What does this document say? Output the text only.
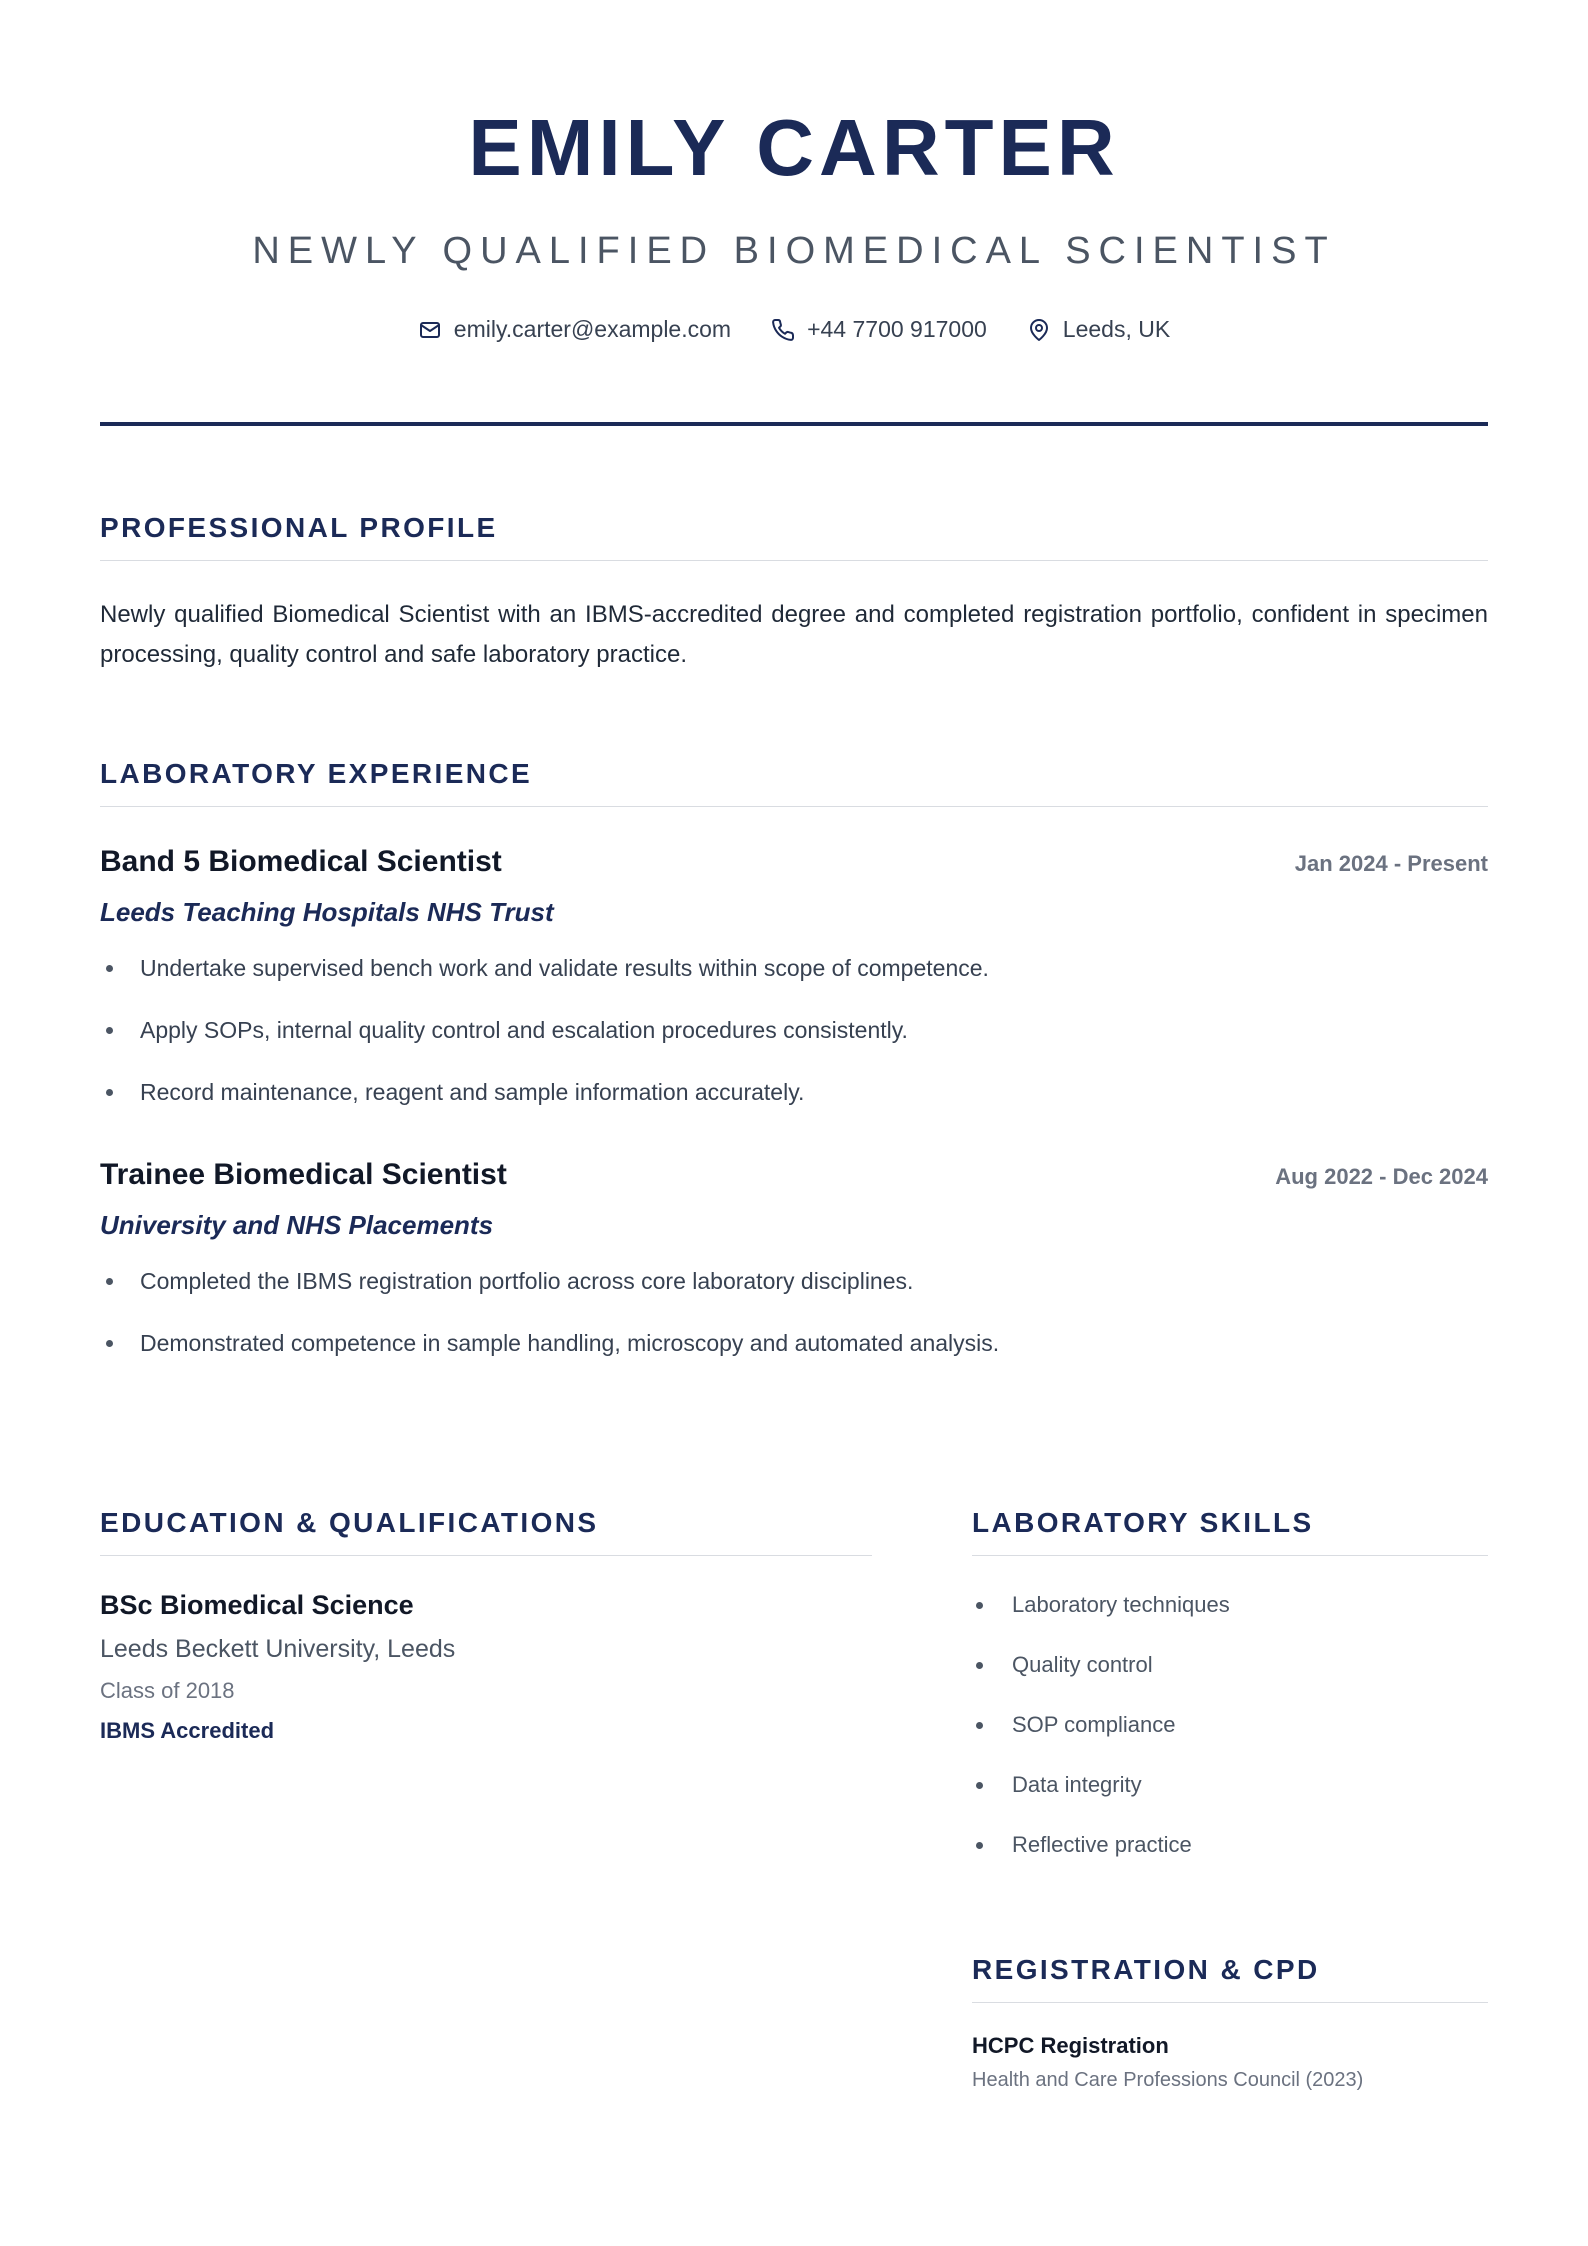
EMILY CARTER
NEWLY QUALIFIED BIOMEDICAL SCIENTIST
emily.carter@example.com	+44 7700 917000	Leeds, UK
PROFESSIONAL PROFILE

Newly qualified Biomedical Scientist with an IBMS-accredited degree and completed registration portfolio, confident in specimen processing, quality control and safe laboratory practice.

LABORATORY EXPERIENCE
Band 5 Biomedical Scientist	Jan 2024 - Present
Leeds Teaching Hospitals NHS Trust
Undertake supervised bench work and validate results within scope of competence.
Apply SOPs, internal quality control and escalation procedures consistently.
Record maintenance, reagent and sample information accurately.
Trainee Biomedical Scientist	Aug 2022 - Dec 2024
University and NHS Placements
Completed the IBMS registration portfolio across core laboratory disciplines.
Demonstrated competence in sample handling, microscopy and automated analysis.
EDUCATION & QUALIFICATIONS
BSc Biomedical Science
Leeds Beckett University, Leeds
Class of 2018
IBMS Accredited
LABORATORY SKILLS
Laboratory techniques
Quality control
SOP compliance
Data integrity
Reflective practice
REGISTRATION & CPD
HCPC Registration
Health and Care Professions Council (2023)
